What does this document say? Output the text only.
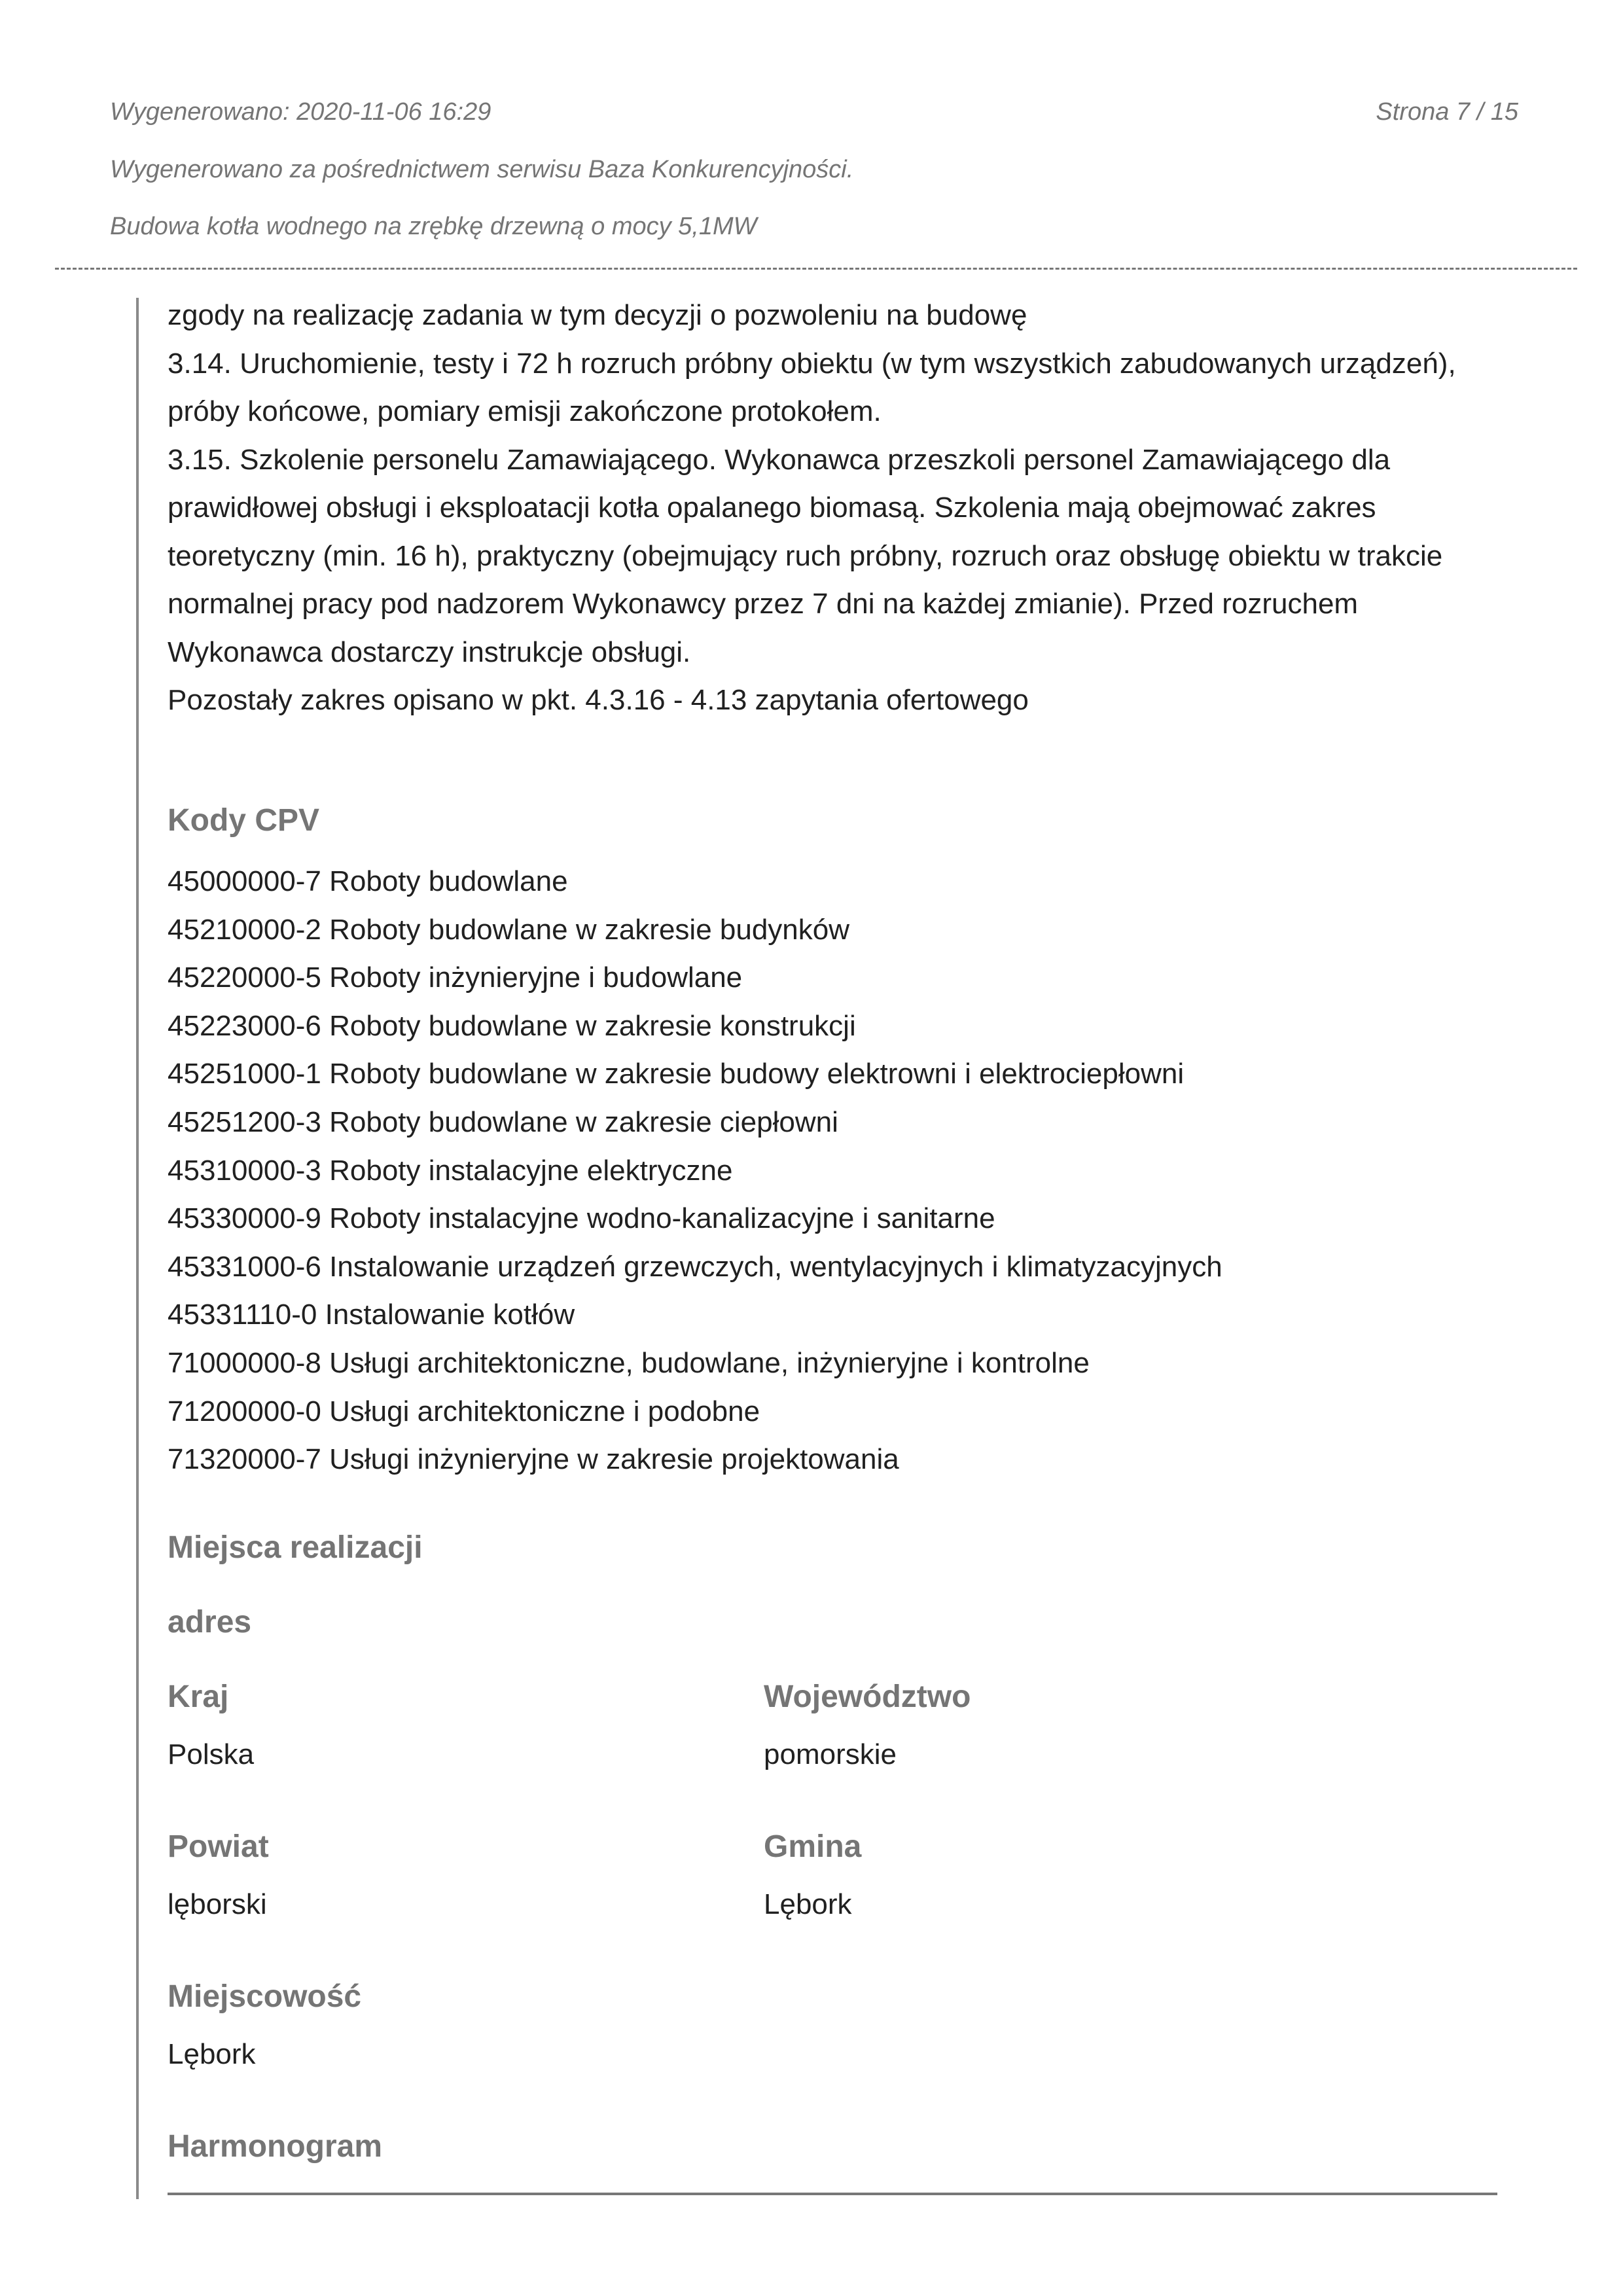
Wygenerowano: 2020-11-06 16:29	Strona 7 / 15
Wygenerowano za pośrednictwem serwisu Baza Konkurencyjności.
Budowa kotła wodnego na zrębkę drzewną o mocy 5,1MW

zgody na realizację zadania w tym decyzji o pozwoleniu na budowę

3.14. Uruchomienie, testy i 72 h rozruch próbny obiektu (w tym wszystkich zabudowanych urządzeń),

próby końcowe, pomiary emisji zakończone protokołem.

3.15. Szkolenie personelu Zamawiającego. Wykonawca przeszkoli personel Zamawiającego dla

prawidłowej obsługi i eksploatacji kotła opalanego biomasą. Szkolenia mają obejmować zakres

teoretyczny (min. 16 h), praktyczny (obejmujący ruch próbny, rozruch oraz obsługę obiektu w trakcie

normalnej pracy pod nadzorem Wykonawcy przez 7 dni na każdej zmianie). Przed rozruchem

Wykonawca dostarczy instrukcje obsługi.

Pozostały zakres opisano w pkt. 4.3.16 - 4.13 zapytania ofertowego

Kody CPV

45000000-7 Roboty budowlane

45210000-2 Roboty budowlane w zakresie budynków

45220000-5 Roboty inżynieryjne i budowlane

45223000-6 Roboty budowlane w zakresie konstrukcji

45251000-1 Roboty budowlane w zakresie budowy elektrowni i elektrociepłowni

45251200-3 Roboty budowlane w zakresie ciepłowni

45310000-3 Roboty instalacyjne elektryczne

45330000-9 Roboty instalacyjne wodno-kanalizacyjne i sanitarne

45331000-6 Instalowanie urządzeń grzewczych, wentylacyjnych i klimatyzacyjnych

45331110-0 Instalowanie kotłów

71000000-8 Usługi architektoniczne, budowlane, inżynieryjne i kontrolne

71200000-0 Usługi architektoniczne i podobne

71320000-7 Usługi inżynieryjne w zakresie projektowania

Miejsca realizacji
adres
Kraj
Polska
Województwo
pomorskie
Powiat
lęborski
Gmina
Lębork
Miejscowość
Lębork
Harmonogram
